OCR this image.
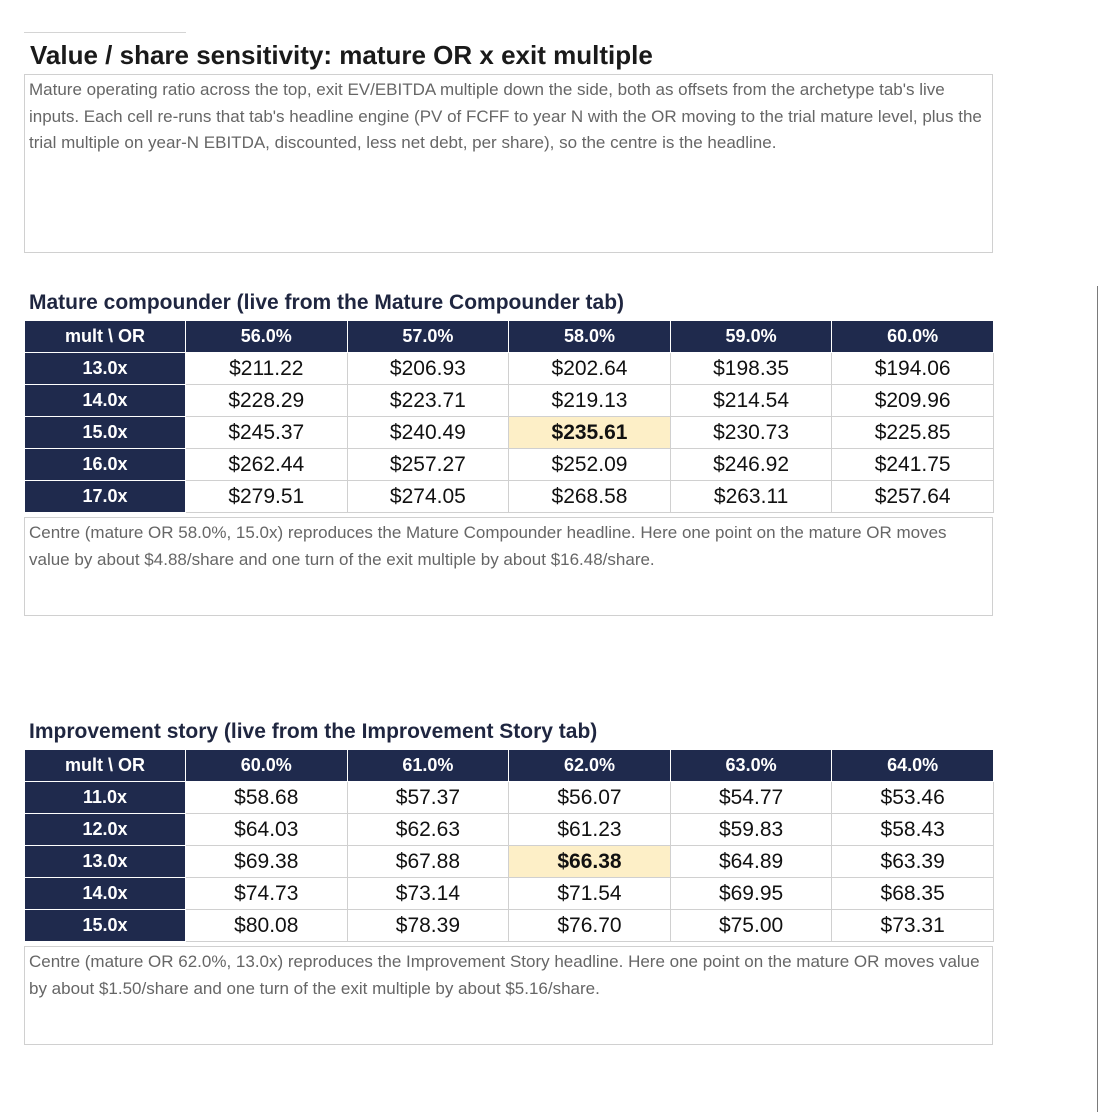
Value / share sensitivity: mature OR x exit multiple
Mature operating ratio across the top, exit EV/EBITDA multiple down the side, both as offsets from the archetype tab's live inputs. Each cell re-runs that tab's headline engine (PV of FCFF to year N with the OR moving to the trial mature level, plus the trial multiple on year-N EBITDA, discounted, less net debt, per share), so the centre is the headline.
Mature compounder (live from the Mature Compounder tab)
mult \ OR	56.0%	57.0%	58.0%	59.0%	60.0%
13.0x	$211.22	$206.93	$202.64	$198.35	$194.06
14.0x	$228.29	$223.71	$219.13	$214.54	$209.96
15.0x	$245.37	$240.49	$235.61	$230.73	$225.85
16.0x	$262.44	$257.27	$252.09	$246.92	$241.75
17.0x	$279.51	$274.05	$268.58	$263.11	$257.64
Centre (mature OR 58.0%, 15.0x) reproduces the Mature Compounder headline. Here one point on the mature OR moves value by about $4.88/share and one turn of the exit multiple by about $16.48/share.
Improvement story (live from the Improvement Story tab)
mult \ OR	60.0%	61.0%	62.0%	63.0%	64.0%
11.0x	$58.68	$57.37	$56.07	$54.77	$53.46
12.0x	$64.03	$62.63	$61.23	$59.83	$58.43
13.0x	$69.38	$67.88	$66.38	$64.89	$63.39
14.0x	$74.73	$73.14	$71.54	$69.95	$68.35
15.0x	$80.08	$78.39	$76.70	$75.00	$73.31
Centre (mature OR 62.0%, 13.0x) reproduces the Improvement Story headline. Here one point on the mature OR moves value by about $1.50/share and one turn of the exit multiple by about $5.16/share.
